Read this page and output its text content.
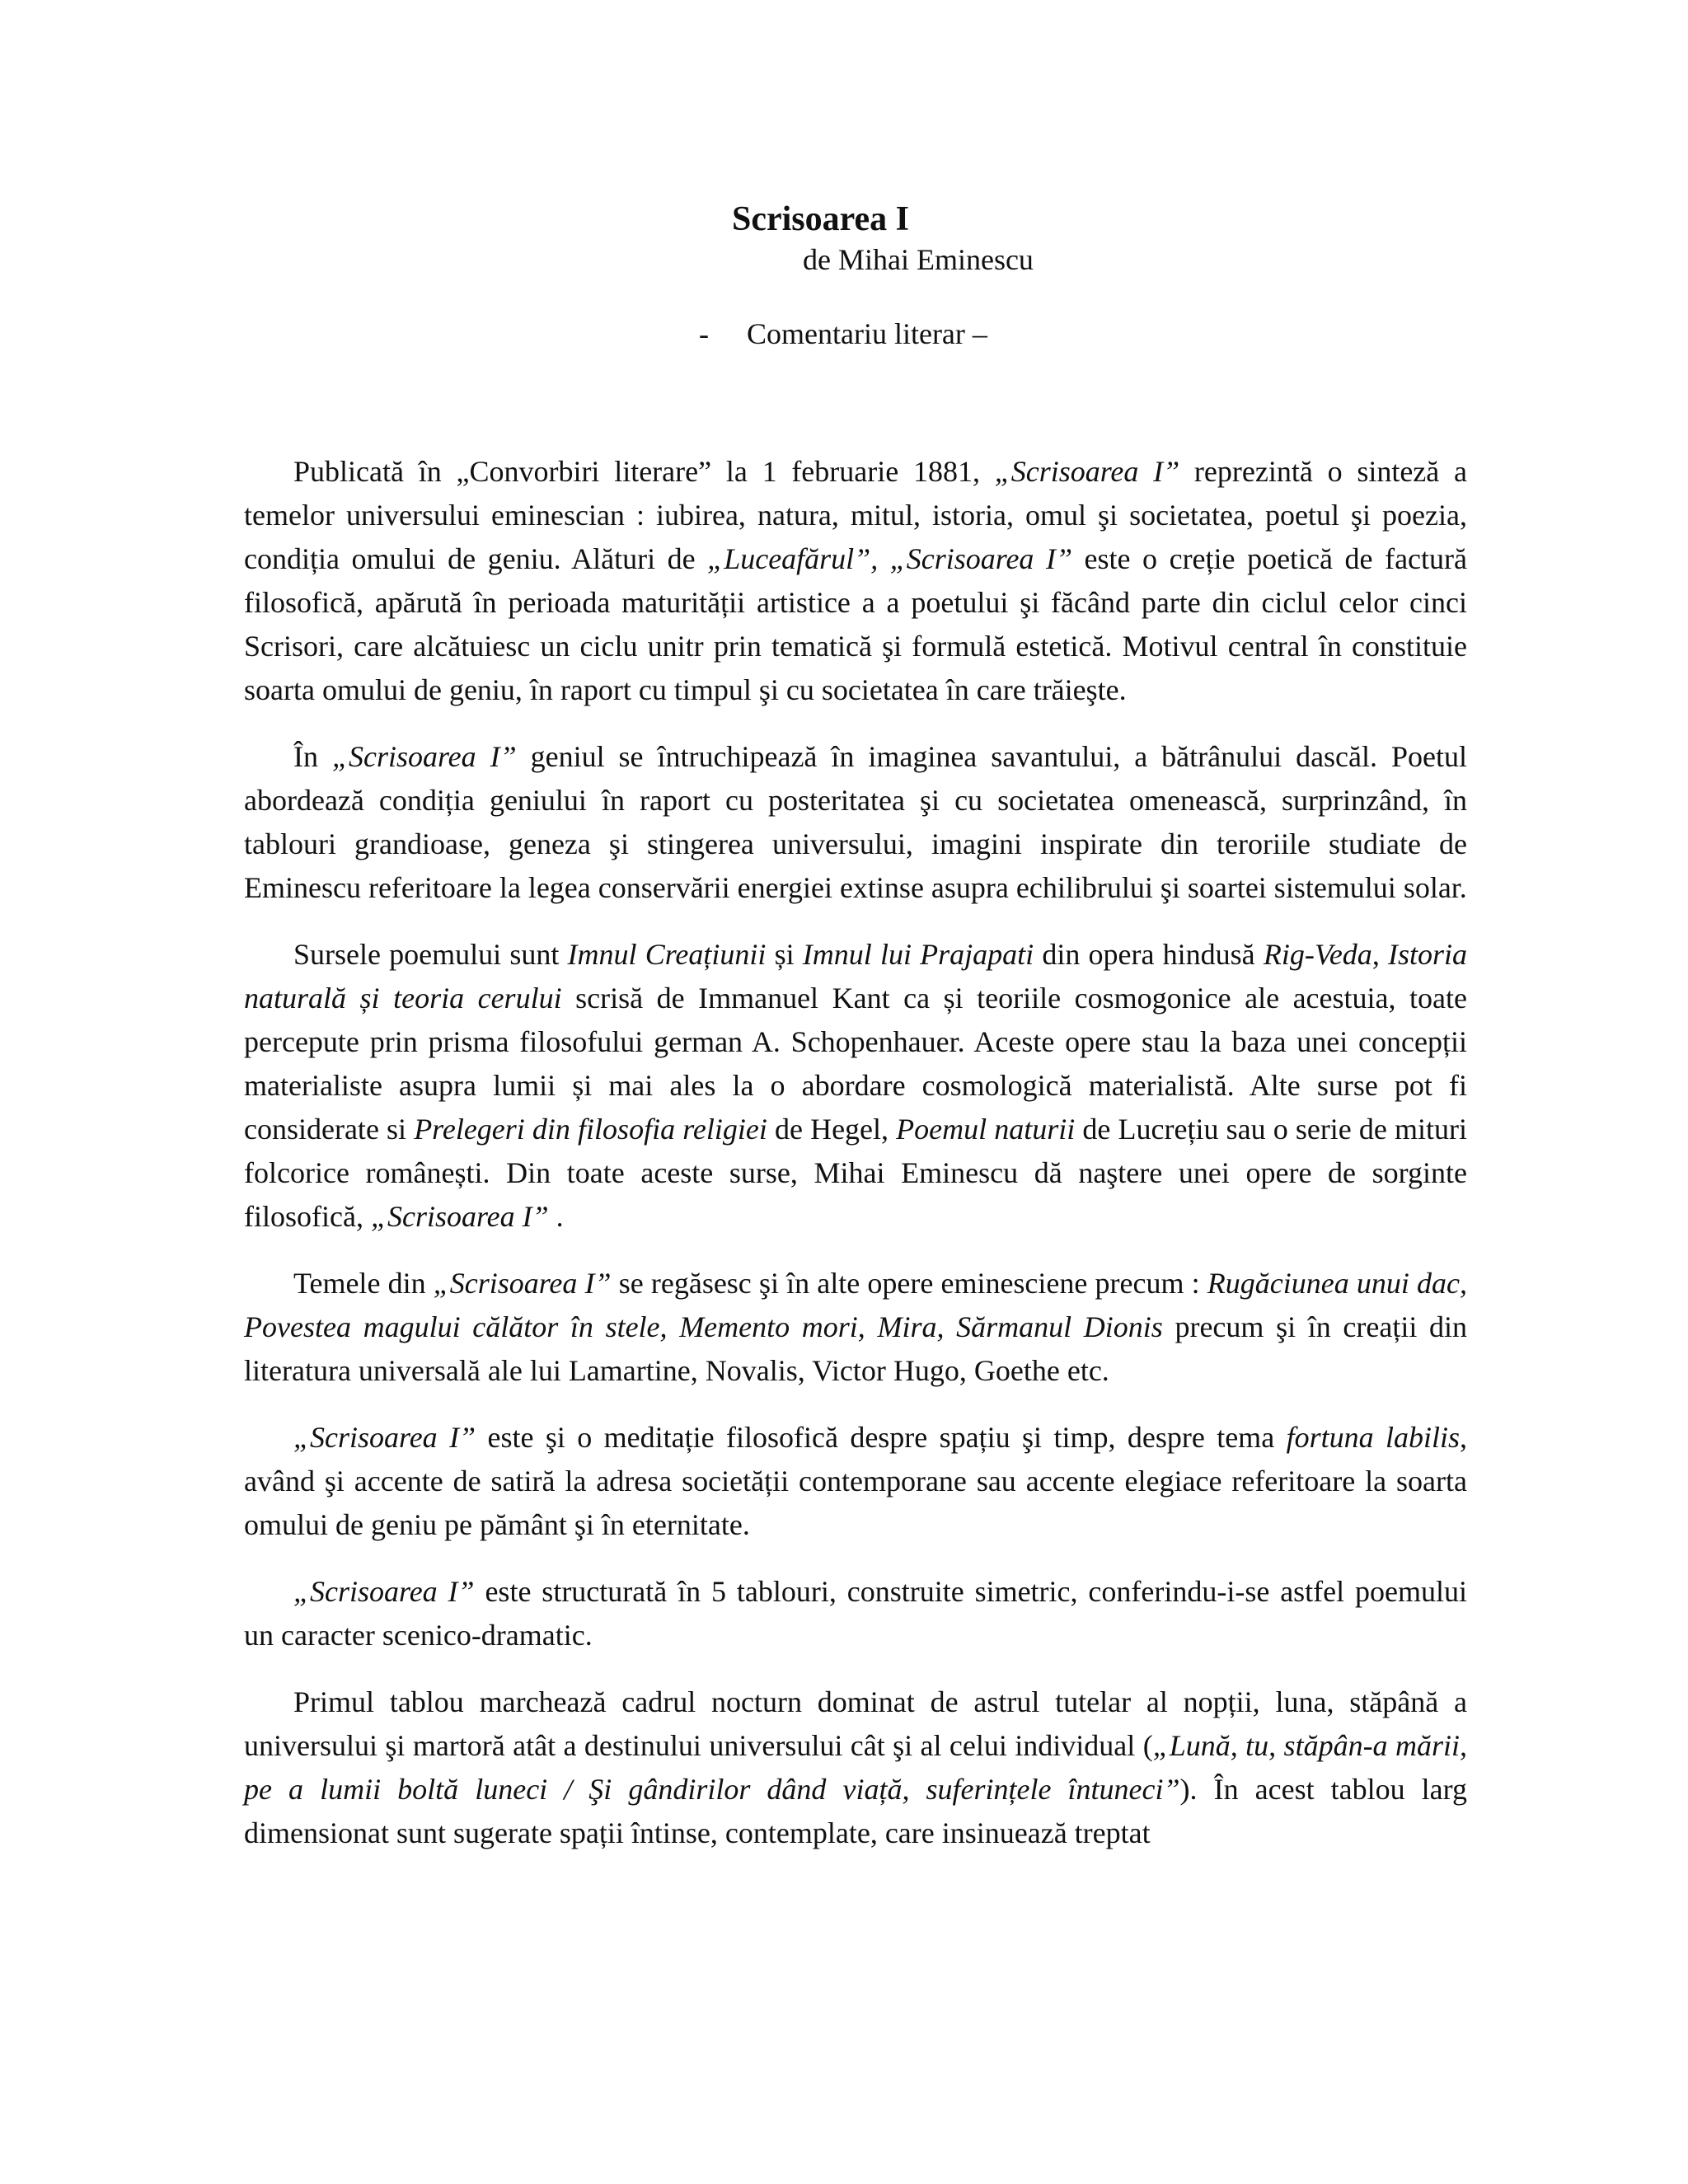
Scrisoarea I

de Mihai Eminescu

- Comentariu literar –

Publicată în „Convorbiri literare” la 1 februarie 1881, „Scrisoarea I” reprezintă o sinteză a temelor universului eminescian : iubirea, natura, mitul, istoria, omul şi societatea, poetul şi poezia, condiția omului de geniu. Alături de „Luceafărul”, „Scrisoarea I” este o creție poetică de factură filosofică, apărută în perioada maturității artistice a a poetului şi făcând parte din ciclul celor cinci Scrisori, care alcătuiesc un ciclu unitr prin tematică şi formulă estetică. Motivul central în constituie soarta omului de geniu, în raport cu timpul şi cu societatea în care trăieşte.

În „Scrisoarea I” geniul se întruchipează în imaginea savantului, a bătrânului dascăl. Poetul abordează condiția geniului în raport cu posteritatea şi cu societatea omenească, surprinzând, în tablouri grandioase, geneza şi stingerea universului, imagini inspirate din teroriile studiate de Eminescu referitoare la legea conservării energiei extinse asupra echilibrului şi soartei sistemului solar.

Sursele poemului sunt Imnul Creațiunii și Imnul lui Prajapati din opera hindusă Rig-Veda, Istoria naturală și teoria cerului scrisă de Immanuel Kant ca și teoriile cosmogonice ale acestuia, toate percepute prin prisma filosofului german A. Schopenhauer. Aceste opere stau la baza unei concepții materialiste asupra lumii și mai ales la o abordare cosmologică materialistă. Alte surse pot fi considerate si Prelegeri din filosofia religiei de Hegel, Poemul naturii de Lucrețiu sau o serie de mituri folcorice românești. Din toate aceste surse, Mihai Eminescu dă naştere unei opere de sorginte filosofică, „Scrisoarea I” .

Temele din „Scrisoarea I” se regăsesc şi în alte opere eminesciene precum : Rugăciunea unui dac, Povestea magului călător în stele, Memento mori, Mira, Sărmanul Dionis precum şi în creații din literatura universală ale lui Lamartine, Novalis, Victor Hugo, Goethe etc.

„Scrisoarea I” este şi o meditație filosofică despre spațiu şi timp, despre tema fortuna labilis, având şi accente de satiră la adresa societății contemporane sau accente elegiace referitoare la soarta omului de geniu pe pământ şi în eternitate.

„Scrisoarea I” este structurată în 5 tablouri, construite simetric, conferindu-i-se astfel poemului un caracter scenico-dramatic.

Primul tablou marchează cadrul nocturn dominat de astrul tutelar al nopții, luna, stăpână a universului şi martoră atât a destinului universului cât şi al celui individual („Lună, tu, stăpân-a mării, pe a lumii boltă luneci / Şi gândirilor dând viață, suferințele întuneci”). În acest tablou larg dimensionat sunt sugerate spații întinse, contemplate, care insinuează treptat
